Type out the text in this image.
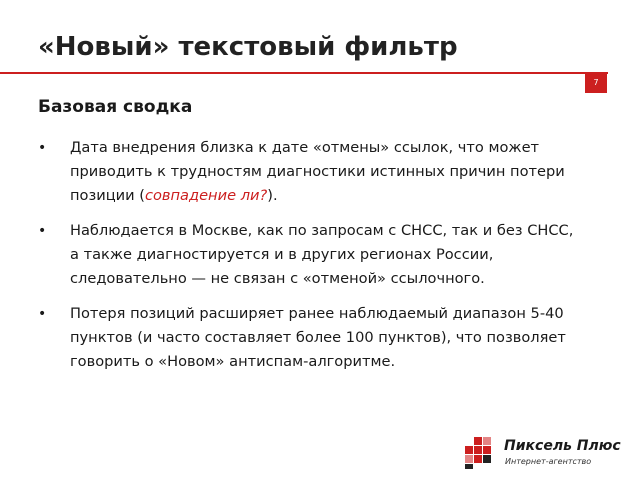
«Новый» текстовый фильтр
7
Базовая сводка
• Дата внедрения близка к дате «отмены» ссылок, что может приводить к трудностям диагностики истинных причин потери позиции (совпадение ли?).
• Наблюдается в Москве, как по запросам с СНСС, так и без СНСС, а также диагностируется и в других регионах России, следовательно — не связан с «отменой» ссылочного.
• Потеря позиций расширяет ранее наблюдаемый диапазон 5-40 пунктов (и часто составляет более 100 пунктов), что позволяет говорить о «Новом» антиспам-алгоритме.
Пиксель Плюс
Интернет-агентство
